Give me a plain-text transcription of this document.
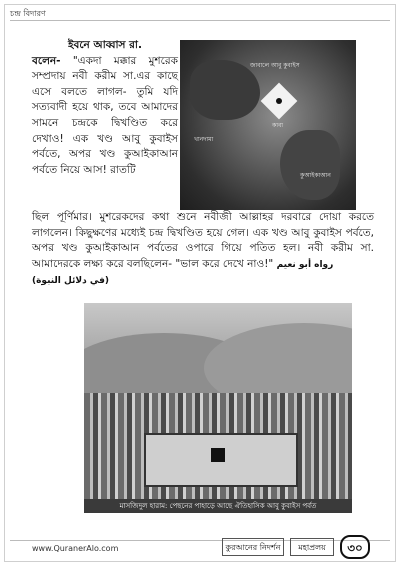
চন্দ্র বিদারণ
জাবালে আবু কুবাইস
কাবা
খানদামা
কুআইকাআন
ইবনে আব্বাস রা.
বলেন- "একদা মক্কার মুশরেক সম্প্রদায় নবী করীম সা.এর কাছে এসে বলতে লাগল- তুমি যদি সত্যবাদী হয়ে থাক, তবে আমাদের সামনে চন্দ্রকে দ্বিখণ্ডিত করে দেখাও! এক খণ্ড আবু কুবাইস পর্বতে, অপর খণ্ড কুআইকাআন পর্বতে নিয়ে আস! রাতটি
ছিল পূর্ণিমার। মুশরেকদের কথা শুনে নবীজী আল্লাহর দরবারে দোয়া করতে লাগলেন। কিছুক্ষণের মধ্যেই চন্দ্র দ্বিখণ্ডিত হয়ে গেল। এক খণ্ড আবু কুবাইস পর্বতে, অপর খণ্ড কুআইকাআন পর্বতের ওপারে গিয়ে পতিত হল। নবী করীম সা. আমাদেরকে লক্ষ্য করে বলছিলেন- "ভাল করে দেখে নাও!" رواه أبو نعيم
(في دلائل النبوة)
মাসজিদুল হারাম: পেছনের পাহাড়ে আছে ঐতিহাসিক আবু কুবাইস পর্বত
www.QuranerAlo.com	কুরআনের নিদর্শন	মহাপ্রলয়	৩০
